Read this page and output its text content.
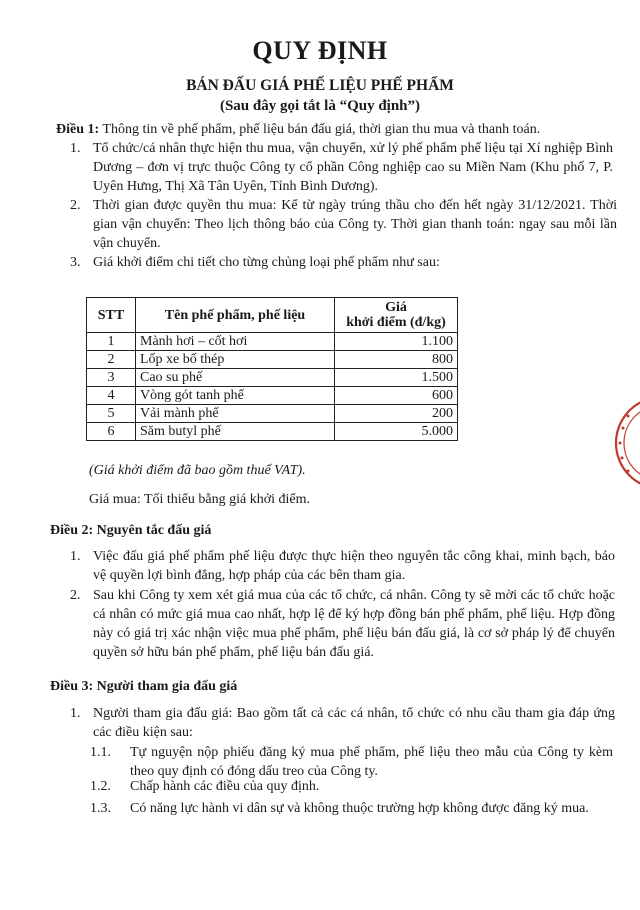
QUY ĐỊNH
BÁN ĐẤU GIÁ PHẾ LIỆU PHẾ PHẨM
(Sau đây gọi tắt là “Quy định”)
Điều 1: Thông tin về phế phẩm, phế liệu bán đấu giá, thời gian thu mua và thanh toán.
1. Tổ chức/cá nhân thực hiện thu mua, vận chuyển, xử lý phế phẩm phế liệu tại Xí nghiệp Bình Dương – đơn vị trực thuộc Công ty cổ phần Công nghiệp cao su Miền Nam (Khu phố 7, P. Uyên Hưng, Thị Xã Tân Uyên, Tỉnh Bình Dương).
2. Thời gian được quyền thu mua: Kể từ ngày trúng thầu cho đến hết ngày 31/12/2021. Thời gian vận chuyển: Theo lịch thông báo của Công ty. Thời gian thanh toán: ngay sau mỗi lần vận chuyển.
3. Giá khởi điểm chi tiết cho từng chủng loại phế phẩm như sau:
STT	Tên phế phẩm, phế liệu	Giá
khởi điểm (đ/kg)
1	Mành hơi – cốt hơi	1.100
2	Lốp xe bố thép	800
3	Cao su phế	1.500
4	Vòng gót tanh phế	600
5	Vải mành phế	200
6	Săm butyl phế	5.000
(Giá khởi điểm đã bao gồm thuế VAT).
Giá mua: Tối thiểu bằng giá khởi điểm.
Điều 2: Nguyên tắc đấu giá
1. Việc đấu giá phế phẩm phế liệu được thực hiện theo nguyên tắc công khai, minh bạch, bảo vệ quyền lợi bình đẳng, hợp pháp của các bên tham gia.
2. Sau khi Công ty xem xét giá mua của các tổ chức, cá nhân. Công ty sẽ mời các tổ chức hoặc cá nhân có mức giá mua cao nhất, hợp lệ để ký hợp đồng bán phế phẩm, phế liệu. Hợp đồng này có giá trị xác nhận việc mua phế phẩm, phế liệu bán đấu giá, là cơ sở pháp lý để chuyển quyền sở hữu bán phế phẩm, phế liệu bán đấu giá.
Điều 3: Người tham gia đấu giá
1. Người tham gia đấu giá: Bao gồm tất cả các cá nhân, tổ chức có nhu cầu tham gia đáp ứng các điều kiện sau:
1.1. Tự nguyện nộp phiếu đăng ký mua phế phẩm, phế liệu theo mẫu của Công ty kèm theo quy định có đóng dấu treo của Công ty.
1.2. Chấp hành các điều của quy định.
1.3. Có năng lực hành vi dân sự và không thuộc trường hợp không được đăng ký mua.
